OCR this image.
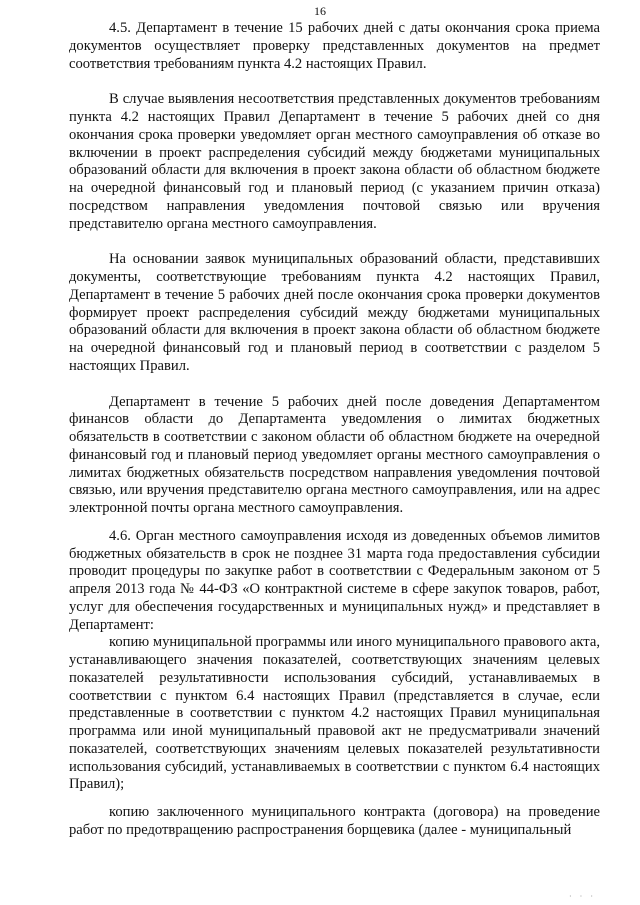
16

4.5. Департамент в течение 15 рабочих дней с даты окончания срока приема документов осуществляет проверку представленных документов на предмет соответствия требованиям пункта 4.2 настоящих Правил.

В случае выявления несоответствия представленных документов требованиям пункта 4.2 настоящих Правил Департамент в течение 5 рабочих дней со дня окончания срока проверки уведомляет орган местного самоуправления об отказе во включении в проект распределения субсидий между бюджетами муниципальных образований области для включения в проект закона области об областном бюджете на очередной финансовый год и плановый период (с указанием причин отказа) посредством направления уведомления почтовой связью или вручения представителю органа местного самоуправления.

На основании заявок муниципальных образований области, представивших документы, соответствующие требованиям пункта 4.2 настоящих Правил, Департамент в течение 5 рабочих дней после окончания срока проверки документов формирует проект распределения субсидий между бюджетами муниципальных образований области для включения в проект закона области об областном бюджете на очередной финансовый год и плановый период в соответствии с разделом 5 настоящих Правил.

Департамент в течение 5 рабочих дней после доведения Департаментом финансов области до Департамента уведомления о лимитах бюджетных обязательств в соответствии с законом области об областном бюджете на очередной финансовый год и плановый период уведомляет органы местного самоуправления о лимитах бюджетных обязательств посредством направления уведомления почтовой связью, или вручения представителю органа местного самоуправления, или на адрес электронной почты органа местного самоуправления.

4.6. Орган местного самоуправления исходя из доведенных объемов лимитов бюджетных обязательств в срок не позднее 31 марта года предоставления субсидии проводит процедуры по закупке работ в соответствии с Федеральным законом от 5 апреля 2013 года № 44-ФЗ «О контрактной системе в сфере закупок товаров, работ, услуг для обеспечения государственных и муниципальных нужд» и представляет в Департамент:

копию муниципальной программы или иного муниципального правового акта, устанавливающего значения показателей, соответствующих значениям целевых показателей результативности использования субсидий, устанавливаемых в соответствии с пунктом 6.4 настоящих Правил (представляется в случае, если представленные в соответствии с пунктом 4.2 настоящих Правил муниципальная программа или иной муниципальный правовой акт не предусматривали значений показателей, соответствующих значениям целевых показателей результативности использования субсидий, устанавливаемых в соответствии с пунктом 6.4 настоящих Правил);

копию заключенного муниципального контракта (договора) на проведение работ по предотвращению распространения борщевика (далее - муниципальный

· · ·
